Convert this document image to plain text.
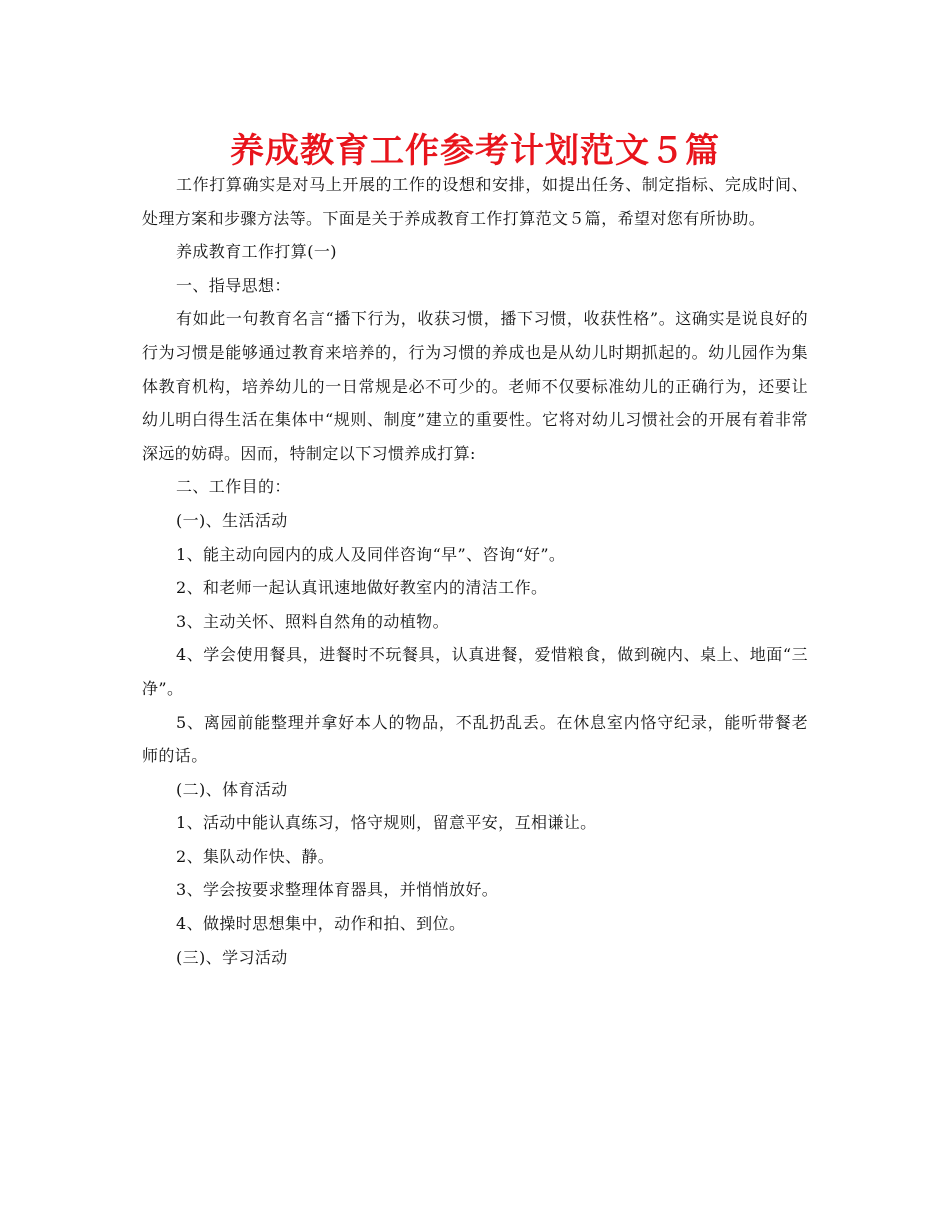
养成教育工作参考计划范文５篇

工作打算确实是对马上开展的工作的设想和安排，如提出任务、制定指标、完成时间、处理方案和步骤方法等。下面是关于养成教育工作打算范文５篇，希望对您有所协助。

养成教育工作打算(一)

一、指导思想：

有如此一句教育名言“播下行为，收获习惯，播下习惯，收获性格”。这确实是说良好的行为习惯是能够通过教育来培养的，行为习惯的养成也是从幼儿时期抓起的。幼儿园作为集体教育机构，培养幼儿的一日常规是必不可少的。老师不仅要标准幼儿的正确行为，还要让幼儿明白得生活在集体中“规则、制度”建立的重要性。它将对幼儿习惯社会的开展有着非常深远的妨碍。因而，特制定以下习惯养成打算:

二、工作目的：

(一)、生活活动

1、能主动向园内的成人及同伴咨询“早”、咨询“好”。

2、和老师一起认真讯速地做好教室内的清洁工作。

3、主动关怀、照料自然角的动植物。

4、学会使用餐具，进餐时不玩餐具，认真进餐，爱惜粮食，做到碗内、桌上、地面“三净”。

5、离园前能整理并拿好本人的物品，不乱扔乱丢。在休息室内恪守纪录，能听带餐老师的话。

(二)、体育活动

1、活动中能认真练习，恪守规则，留意平安，互相谦让。

2、集队动作快、静。

3、学会按要求整理体育器具，并悄悄放好。

4、做操时思想集中，动作和拍、到位。

(三)、学习活动
